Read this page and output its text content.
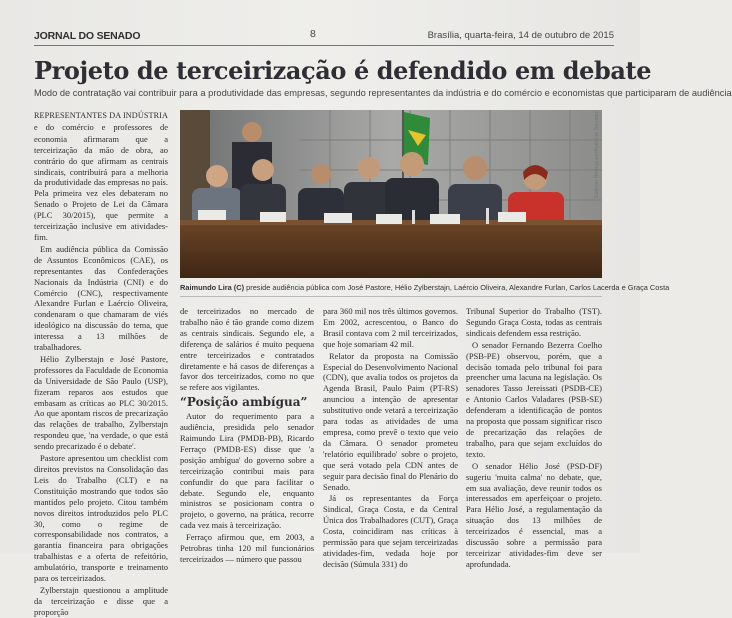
JORNAL DO SENADO	8	Brasília, quarta-feira, 14 de outubro de 2015
Projeto de terceirização é defendido em debate
Modo de contratação vai contribuir para a produtividade das empresas, segundo representantes da indústria e do comércio e economistas que participaram de audiência

REPRESENTANTES DA INDÚSTRIA e do comércio e professores de economia afirmaram que a terceirização da mão de obra, ao contrário do que afirmam as centrais sindicais, contribuirá para a melhoria da produtividade das empresas no país. Pela primeira vez eles debateram no Senado o Projeto de Lei da Câmara (PLC 30/2015), que permite a terceirização inclusive em atividades-fim.

Em audiência pública da Comissão de Assuntos Econômicos (CAE), os representantes das Confederações Nacionais da Indústria (CNI) e do Comércio (CNC), respectivamente Alexandre Furlan e Laércio Oliveira, condenaram o que chamaram de viés ideológico na discussão do tema, que interessa a 13 milhões de trabalhadores.

Hélio Zylberstajn e José Pastore, professores da Faculdade de Economia da Universidade de São Paulo (USP), fizeram reparos aos estudos que embasam as críticas ao PLC 30/2015. Ao que apontam riscos de precarização das relações de trabalho, Zylberstajn respondeu que, 'na verdade, o que está sendo precarizado é o debate'.

Pastore apresentou um checklist com direitos previstos na Consolidação das Leis do Trabalho (CLT) e na Constituição mostrando que todos são mantidos pelo projeto. Citou também novos direitos introduzidos pelo PLC 30, como o regime de corresponsabilidade nos contratos, a garantia financeira para obrigações trabalhistas e a oferta de refeitório, ambulatório, transporte e treinamento para os terceirizados.

Zylberstajn questionou a amplitude da terceirização e disse que a proporção

Edilson Rodrigues/Agência Senado
Raimundo Lira (C) preside audiência pública com José Pastore, Hélio Zylberstajn, Laércio Oliveira, Alexandre Furlan, Carlos Lacerda e Graça Costa

de terceirizados no mercado de trabalho não é tão grande como dizem as centrais sindicais. Segundo ele, a diferença de salários é muito pequena entre terceirizados e contratados diretamente e há casos de diferenças a favor dos terceirizados, como no que se refere aos vigilantes.

“Posição ambígua”

Autor do requerimento para a audiência, presidida pelo senador Raimundo Lira (PMDB-PB), Ricardo Ferraço (PMDB-ES) disse que 'a posição ambígua' do governo sobre a terceirização contribui mais para confundir do que para facilitar o debate. Segundo ele, enquanto ministros se posicionam contra o projeto, o governo, na prática, recorre cada vez mais à terceirização.

Ferraço afirmou que, em 2003, a Petrobras tinha 120 mil funcionários terceirizados — número que passou

para 360 mil nos três últimos governos. Em 2002, acrescentou, o Banco do Brasil contava com 2 mil terceirizados, que hoje somariam 42 mil.

Relator da proposta na Comissão Especial do Desenvolvimento Nacional (CDN), que avalia todos os projetos da Agenda Brasil, Paulo Paim (PT-RS) anunciou a intenção de apresentar substitutivo onde vetará a terceirização para todas as atividades de uma empresa, como prevê o texto que veio da Câmara. O senador prometeu 'relatório equilibrado' sobre o projeto, que será votado pela CDN antes de seguir para decisão final do Plenário do Senado.

Já os representantes da Força Sindical, Graça Costa, e da Central Única dos Trabalhadores (CUT), Graça Costa, coincidiram nas críticas à permissão para que sejam terceirizadas atividades-fim, vedada hoje por decisão (Súmula 331) do

Tribunal Superior do Trabalho (TST). Segundo Graça Costa, todas as centrais sindicais defendem essa restrição.

O senador Fernando Bezerra Coelho (PSB-PE) observou, porém, que a decisão tomada pelo tribunal foi para preencher uma lacuna na legislação. Os senadores Tasso Jereissati (PSDB-CE) e Antonio Carlos Valadares (PSB-SE) defenderam a identificação de pontos na proposta que possam significar risco de precarização das relações de trabalho, para que sejam excluídos do texto.

O senador Hélio José (PSD-DF) sugeriu 'muita calma' no debate, que, em sua avaliação, deve reunir todos os interessados em aperfeiçoar o projeto. Para Hélio José, a regulamentação da situação dos 13 milhões de terceirizados é essencial, mas a discussão sobre a permissão para terceirizar atividades-fim deve ser aprofundada.
